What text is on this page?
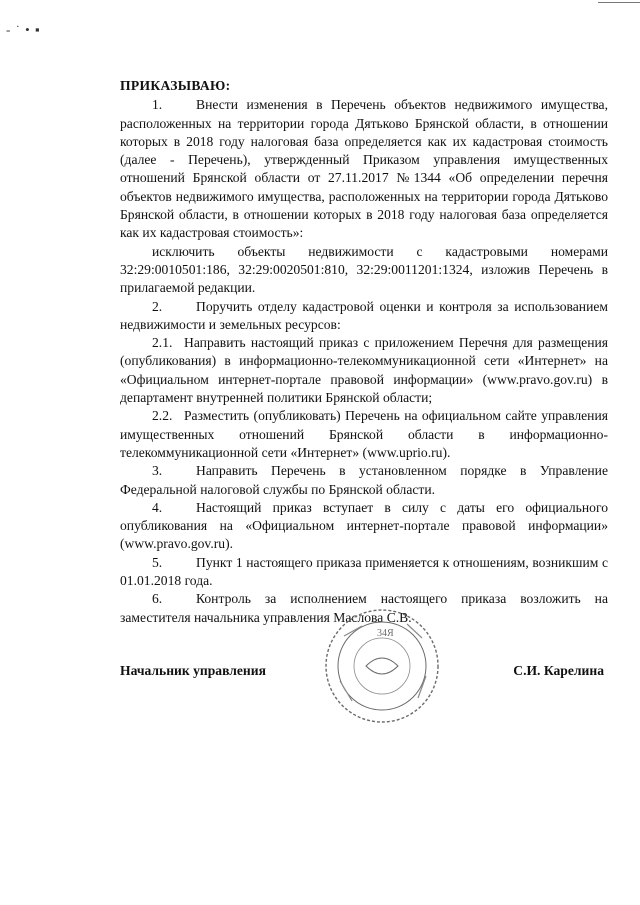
- ˙ • ▪

ПРИКАЗЫВАЮ:

1. Внести изменения в Перечень объектов недвижимого имущества, расположенных на территории города Дятьково Брянской области, в отношении которых в 2018 году налоговая база определяется как их кадастровая стоимость (далее - Перечень), утвержденный Приказом управления имущественных отношений Брянской области от 27.11.2017 №1344 «Об определении перечня объектов недвижимого имущества, расположенных на территории города Дятьково Брянской области, в отношении которых в 2018 году налоговая база определяется как их кадастровая стоимость»:

исключить объекты недвижимости с кадастровыми номерами 32:29:0010501:186, 32:29:0020501:810, 32:29:0011201:1324, изложив Перечень в прилагаемой редакции.

2. Поручить отделу кадастровой оценки и контроля за использованием недвижимости и земельных ресурсов:

2.1. Направить настоящий приказ с приложением Перечня для размещения (опубликования) в информационно-телекоммуникационной сети «Интернет» на «Официальном интернет-портале правовой информации» (www.pravo.gov.ru) в департамент внутренней политики Брянской области;

2.2. Разместить (опубликовать) Перечень на официальном сайте управления имущественных отношений Брянской области в информационно-телекоммуникационной сети «Интернет» (www.uprio.ru).

3. Направить Перечень в установленном порядке в Управление Федеральной налоговой службы по Брянской области.

4. Настоящий приказ вступает в силу с даты его официального опубликования на «Официальном интернет-портале правовой информации» (www.pravo.gov.ru).

5. Пункт 1 настоящего приказа применяется к отношениям, возникшим с 01.01.2018 года.

6. Контроль за исполнением настоящего приказа возложить на заместителя начальника управления Маслова С.В.

34Я
Начальник управления	С.И. Карелина
